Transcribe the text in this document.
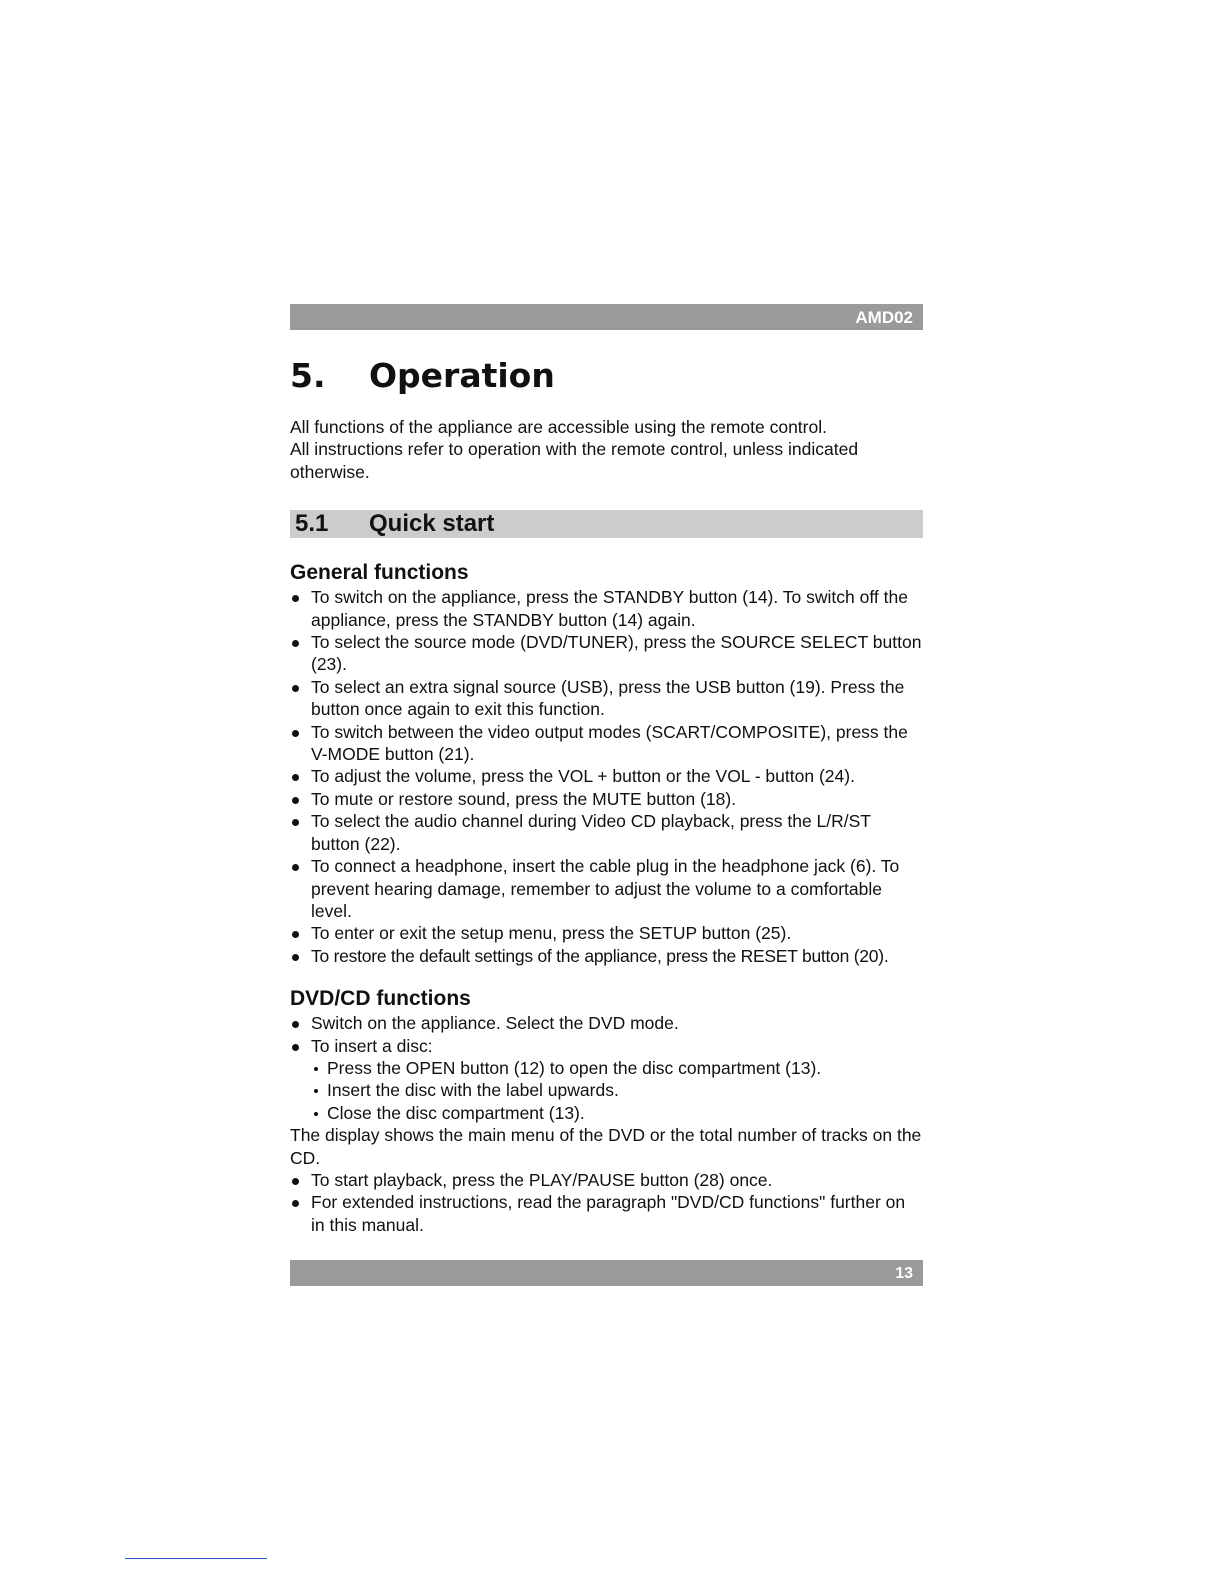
AMD02
5.	Operation
All functions of the appliance are accessible using the remote control.
All instructions refer to operation with the remote control, unless indicated otherwise.
5.1	Quick start
General functions
To switch on the appliance, press the STANDBY button (14). To switch off the appliance, press the STANDBY button (14) again.
To select the source mode (DVD/TUNER), press the SOURCE SELECT button (23).
To select an extra signal source (USB), press the USB button (19). Press the button once again to exit this function.
To switch between the video output modes (SCART/COMPOSITE), press the V-MODE button (21).
To adjust the volume, press the VOL + button or the VOL - button (24).
To mute or restore sound, press the MUTE button (18).
To select the audio channel during Video CD playback, press the L/R/ST button (22).
To connect a headphone, insert the cable plug in the headphone jack (6). To prevent hearing damage, remember to adjust the volume to a comfortable level.
To enter or exit the setup menu, press the SETUP button (25).
To restore the default settings of the appliance, press the RESET button (20).
DVD/CD functions
Switch on the appliance. Select the DVD mode.
To insert a disc:
Press the OPEN button (12) to open the disc compartment (13).
Insert the disc with the label upwards.
Close the disc compartment (13).
The display shows the main menu of the DVD or the total number of tracks on the CD.
To start playback, press the PLAY/PAUSE button (28) once.
For extended instructions, read the paragraph "DVD/CD functions" further on in this manual.
13
